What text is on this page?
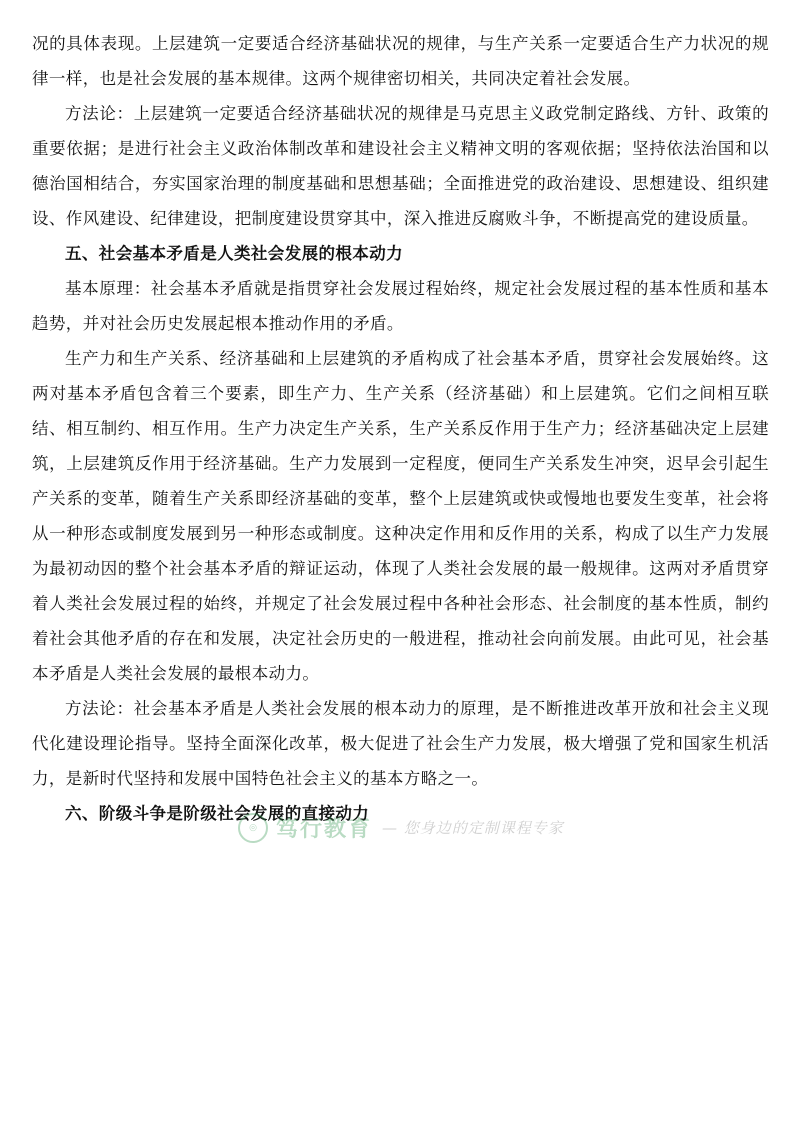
况的具体表现。上层建筑一定要适合经济基础状况的规律，与生产关系一定要适合生产力状况的规律一样，也是社会发展的基本规律。这两个规律密切相关，共同决定着社会发展。

方法论：上层建筑一定要适合经济基础状况的规律是马克思主义政党制定路线、方针、政策的重要依据；是进行社会主义政治体制改革和建设社会主义精神文明的客观依据；坚持依法治国和以德治国相结合，夯实国家治理的制度基础和思想基础；全面推进党的政治建设、思想建设、组织建设、作风建设、纪律建设，把制度建设贯穿其中，深入推进反腐败斗争，不断提高党的建设质量。

五、社会基本矛盾是人类社会发展的根本动力

基本原理：社会基本矛盾就是指贯穿社会发展过程始终，规定社会发展过程的基本性质和基本趋势，并对社会历史发展起根本推动作用的矛盾。

生产力和生产关系、经济基础和上层建筑的矛盾构成了社会基本矛盾，贯穿社会发展始终。这两对基本矛盾包含着三个要素，即生产力、生产关系（经济基础）和上层建筑。它们之间相互联结、相互制约、相互作用。生产力决定生产关系，生产关系反作用于生产力；经济基础决定上层建筑，上层建筑反作用于经济基础。生产力发展到一定程度，便同生产关系发生冲突，迟早会引起生产关系的变革，随着生产关系即经济基础的变革，整个上层建筑或快或慢地也要发生变革，社会将从一种形态或制度发展到另一种形态或制度。这种决定作用和反作用的关系，构成了以生产力发展为最初动因的整个社会基本矛盾的辩证运动，体现了人类社会发展的最一般规律。这两对矛盾贯穿着人类社会发展过程的始终，并规定了社会发展过程中各种社会形态、社会制度的基本性质，制约着社会其他矛盾的存在和发展，决定社会历史的一般进程，推动社会向前发展。由此可见，社会基本矛盾是人类社会发展的最根本动力。

方法论：社会基本矛盾是人类社会发展的根本动力的原理，是不断推进改革开放和社会主义现代化建设理论指导。坚持全面深化改革，极大促进了社会生产力发展，极大增强了党和国家生机活力，是新时代坚持和发展中国特色社会主义的基本方略之一。

六、阶级斗争是阶级社会发展的直接动力

◎ 笃行教育 — 您身边的定制课程专家
